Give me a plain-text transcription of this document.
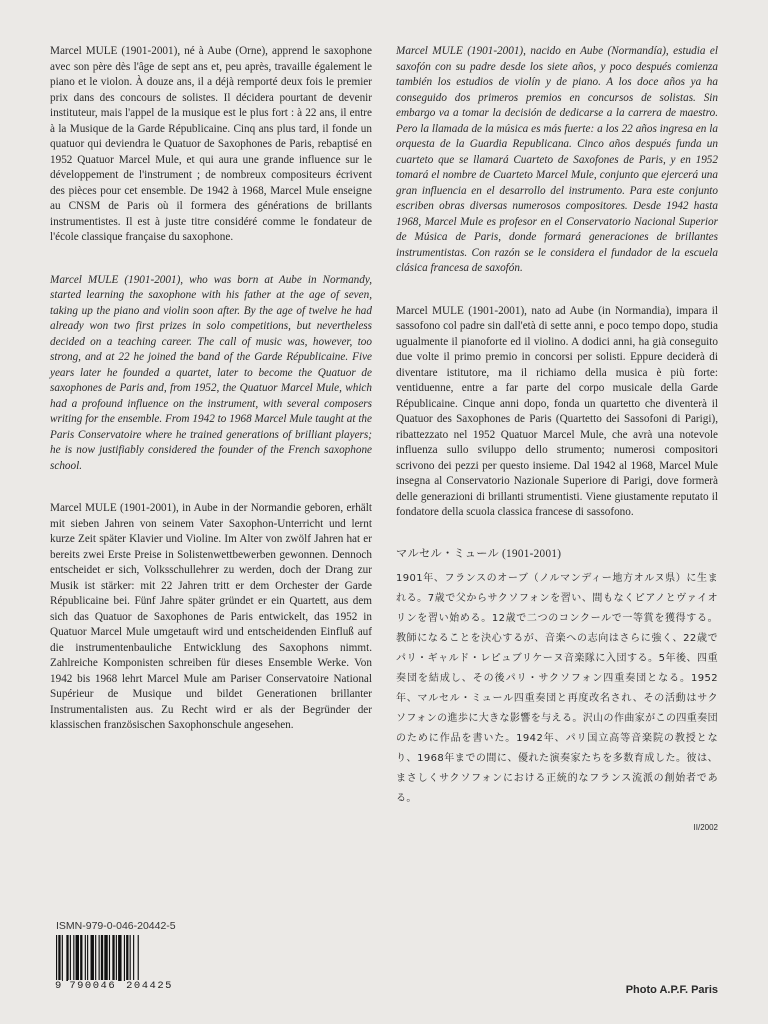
Marcel MULE (1901-2001), né à Aube (Orne), apprend le saxophone avec son père dès l'âge de sept ans et, peu après, travaille également le piano et le violon. À douze ans, il a déjà remporté deux fois le premier prix dans des concours de solistes. Il décidera pourtant de devenir instituteur, mais l'appel de la musique est le plus fort : à 22 ans, il entre à la Musique de la Garde Républicaine. Cinq ans plus tard, il fonde un quatuor qui deviendra le Quatuor de Saxophones de Paris, rebaptisé en 1952 Quatuor Marcel Mule, et qui aura une grande influence sur le développement de l'instrument ; de nombreux compositeurs écrivent des pièces pour cet ensemble. De 1942 à 1968, Marcel Mule enseigne au CNSM de Paris où il formera des générations de brillants instrumentistes. Il est à juste titre considéré comme le fondateur de l'école classique française du saxophone.

Marcel MULE (1901-2001), who was born at Aube in Normandy, started learning the saxophone with his father at the age of seven, taking up the piano and violin soon after. By the age of twelve he had already won two first prizes in solo competitions, but nevertheless decided on a teaching career. The call of music was, however, too strong, and at 22 he joined the band of the Garde Républicaine. Five years later he founded a quartet, later to become the Quatuor de saxophones de Paris and, from 1952, the Quatuor Marcel Mule, which had a profound influence on the instrument, with several composers writing for the ensemble. From 1942 to 1968 Marcel Mule taught at the Paris Conservatoire where he trained generations of brilliant players; he is now justifiably considered the founder of the French saxophone school.

Marcel MULE (1901-2001), in Aube in der Normandie geboren, erhält mit sieben Jahren von seinem Vater Saxophon-Unterricht und lernt kurze Zeit später Klavier und Violine. Im Alter von zwölf Jahren hat er bereits zwei Erste Preise in Solistenwettbewerben gewonnen. Dennoch entscheidet er sich, Volksschullehrer zu werden, doch der Drang zur Musik ist stärker: mit 22 Jahren tritt er dem Orchester der Garde Républicaine bei. Fünf Jahre später gründet er ein Quartett, aus dem sich das Quatuor de Saxophones de Paris entwickelt, das 1952 in Quatuor Marcel Mule umgetauft wird und entscheidenden Einfluß auf die instrumentenbauliche Entwicklung des Saxophons nimmt. Zahlreiche Komponisten schreiben für dieses Ensemble Werke. Von 1942 bis 1968 lehrt Marcel Mule am Pariser Conservatoire National Supérieur de Musique und bildet Generationen brillanter Instrumentalisten aus. Zu Recht wird er als der Begründer der klassischen französischen Saxophonschule angesehen.

Marcel MULE (1901-2001), nacido en Aube (Normandía), estudia el saxofón con su padre desde los siete años, y poco después comienza también los estudios de violín y de piano. A los doce años ya ha conseguido dos primeros premios en concursos de solistas. Sin embargo va a tomar la decisión de dedicarse a la carrera de maestro. Pero la llamada de la música es más fuerte: a los 22 años ingresa en la orquesta de la Guardia Republicana. Cinco años después funda un cuarteto que se llamará Cuarteto de Saxofones de Paris, y en 1952 tomará el nombre de Cuarteto Marcel Mule, conjunto que ejercerá una gran influencia en el desarrollo del instrumento. Para este conjunto escriben obras diversas numerosos compositores. Desde 1942 hasta 1968, Marcel Mule es profesor en el Conservatorio Nacional Superior de Música de Paris, donde formará generaciones de brillantes instrumentistas. Con razón se le considera el fundador de la escuela clásica francesa de saxofón.

Marcel MULE (1901-2001), nato ad Aube (in Normandia), impara il sassofono col padre sin dall'età di sette anni, e poco tempo dopo, studia ugualmente il pianoforte ed il violino. A dodici anni, ha già conseguito due volte il primo premio in concorsi per solisti. Eppure deciderà di diventare istitutore, ma il richiamo della musica è più forte: ventiduenne, entre a far parte del corpo musicale della Garde Républicaine. Cinque anni dopo, fonda un quartetto che diventerà il Quatuor des Saxophones de Paris (Quartetto dei Sassofoni di Parigi), ribattezzato nel 1952 Quatuor Marcel Mule, che avrà una notevole influenza sullo sviluppo dello strumento; numerosi compositori scrivono dei pezzi per questo insieme. Dal 1942 al 1968, Marcel Mule insegna al Conservatorio Nazionale Superiore di Parigi, dove formerà delle generazioni di brillanti strumentisti. Viene giustamente reputato il fondatore della scuola classica francese di sassofono.

マルセル・ミュール (1901-2001)

1901年、フランスのオーブ（ノルマンディー地方オルヌ県）に生まれる。7歳で父からサクソフォンを習い、間もなくピアノとヴァイオリンを習い始める。12歳で二つのコンクールで一等賞を獲得する。教師になることを決心するが、音楽への志向はさらに強く、22歳でパリ・ギャルド・レピュブリケーヌ音楽隊に入団する。5年後、四重奏団を結成し、その後パリ・サクソフォン四重奏団となる。1952年、マルセル・ミュール四重奏団と再度改名され、その活動はサクソフォンの進歩に大きな影響を与える。沢山の作曲家がこの四重奏団のために作品を書いた。1942年、パリ国立高等音楽院の教授となり、1968年までの間に、優れた演奏家たちを多数育成した。彼は、まさしくサクソフォンにおける正統的なフランス流派の創始者である。

II/2002
ISMN-979-0-046-20442-5
9 790046 204425	Photo A.P.F. Paris
